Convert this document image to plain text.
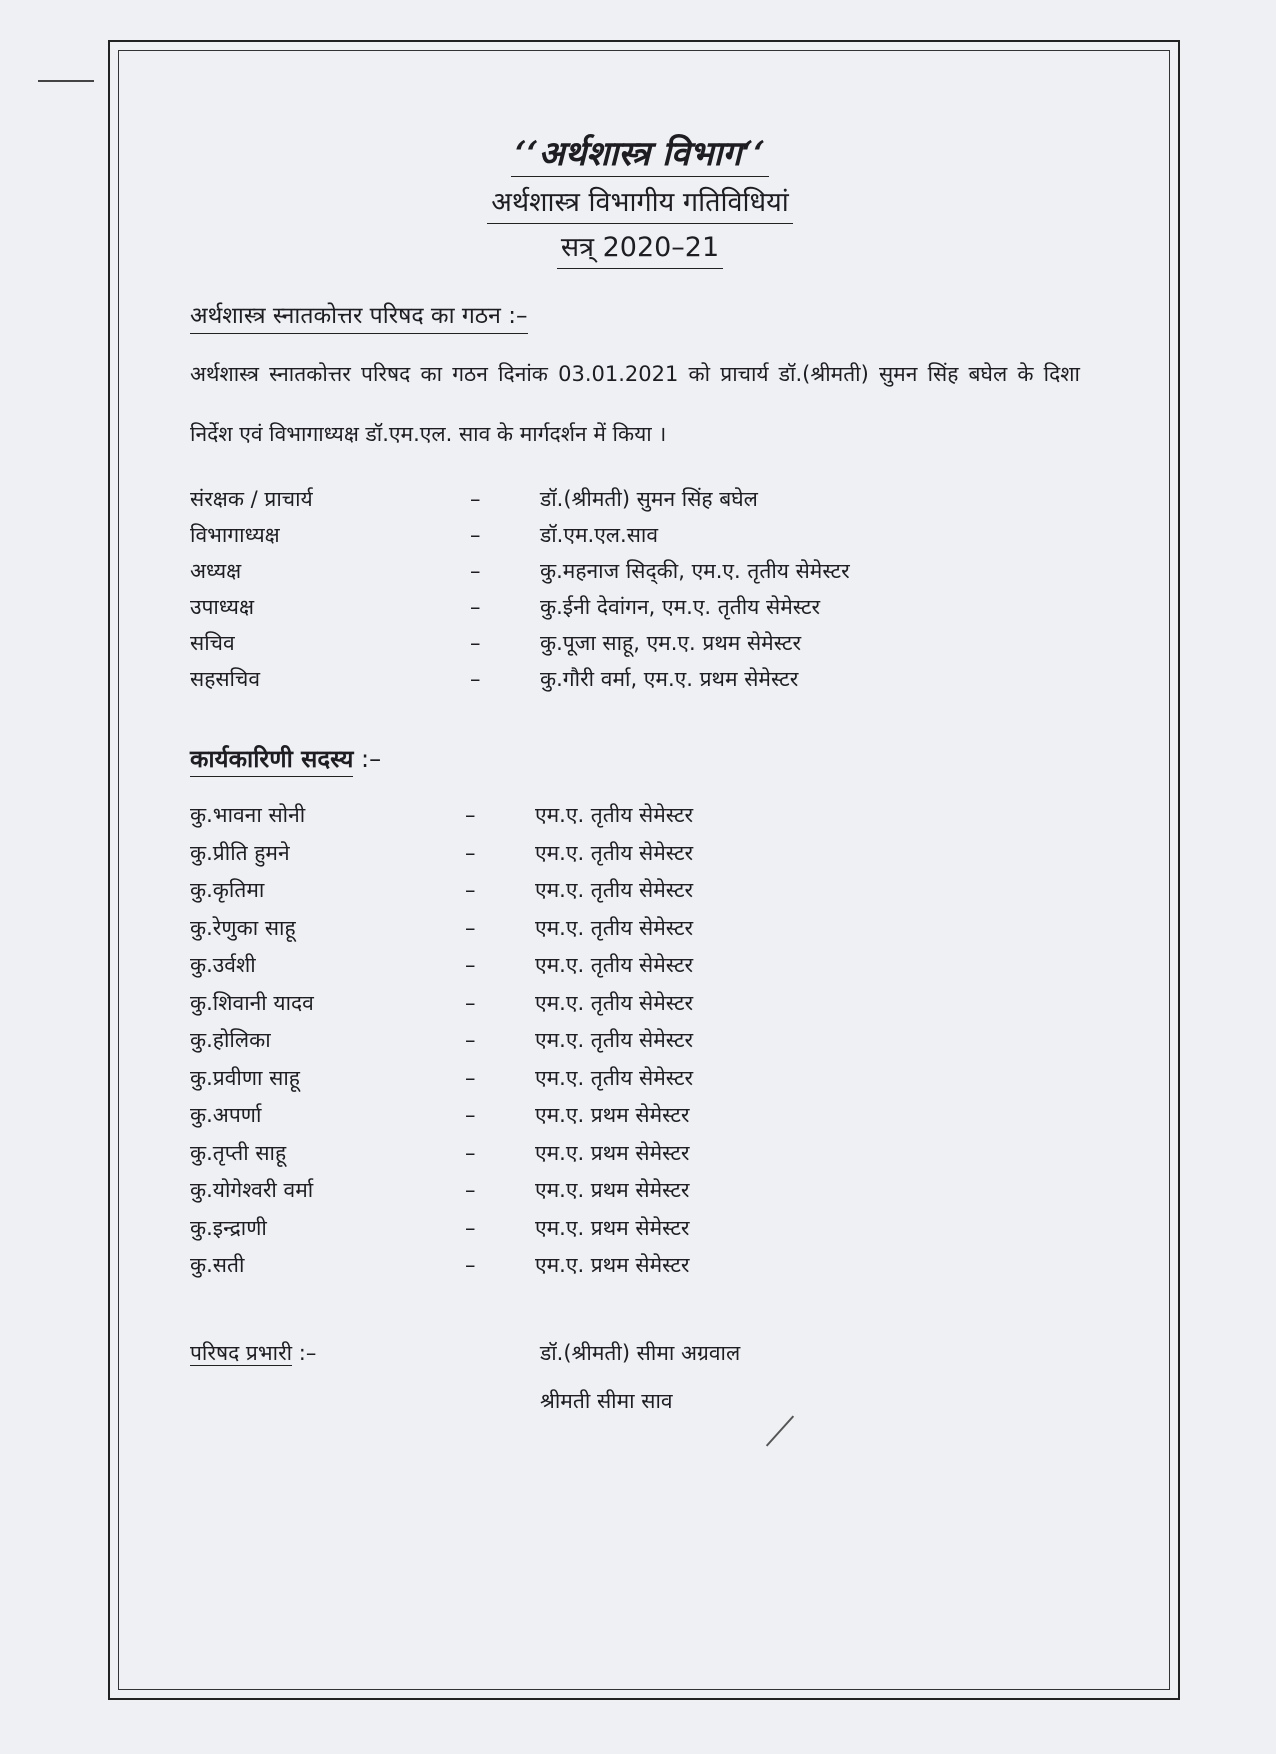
‘‘अर्थशास्त्र विभाग‘‘
अर्थशास्त्र विभागीय गतिविधियां
सत्र् 2020–21
अर्थशास्त्र स्नातकोत्तर परिषद का गठन :–
अर्थशास्त्र स्नातकोत्तर परिषद का गठन दिनांक 03.01.2021 को प्राचार्य डॉ.(श्रीमती) सुमन सिंह बघेल के दिशा निर्देश एवं विभागाध्यक्ष डॉ.एम.एल. साव के मार्गदर्शन में किया ।
संरक्षक / प्राचार्य	–	डॉ.(श्रीमती) सुमन सिंह बघेल
विभागाध्यक्ष	–	डॉ.एम.एल.साव
अध्यक्ष	–	कु.महनाज सिद्की, एम.ए. तृतीय सेमेस्टर
उपाध्यक्ष	–	कु.ईनी देवांगन, एम.ए. तृतीय सेमेस्टर
सचिव	–	कु.पूजा साहू, एम.ए. प्रथम सेमेस्टर
सहसचिव	–	कु.गौरी वर्मा, एम.ए. प्रथम सेमेस्टर
कार्यकारिणी सदस्य :–
कु.भावना सोनी	–	एम.ए. तृतीय सेमेस्टर
कु.प्रीति हुमने	–	एम.ए. तृतीय सेमेस्टर
कु.कृतिमा	–	एम.ए. तृतीय सेमेस्टर
कु.रेणुका साहू	–	एम.ए. तृतीय सेमेस्टर
कु.उर्वशी	–	एम.ए. तृतीय सेमेस्टर
कु.शिवानी यादव	–	एम.ए. तृतीय सेमेस्टर
कु.होलिका	–	एम.ए. तृतीय सेमेस्टर
कु.प्रवीणा साहू	–	एम.ए. तृतीय सेमेस्टर
कु.अपर्णा	–	एम.ए. प्रथम सेमेस्टर
कु.तृप्ती साहू	–	एम.ए. प्रथम सेमेस्टर
कु.योगेश्वरी वर्मा	–	एम.ए. प्रथम सेमेस्टर
कु.इन्द्राणी	–	एम.ए. प्रथम सेमेस्टर
कु.सती	–	एम.ए. प्रथम सेमेस्टर
परिषद प्रभारी :–	डॉ.(श्रीमती) सीमा अग्रवाल
श्रीमती सीमा साव
